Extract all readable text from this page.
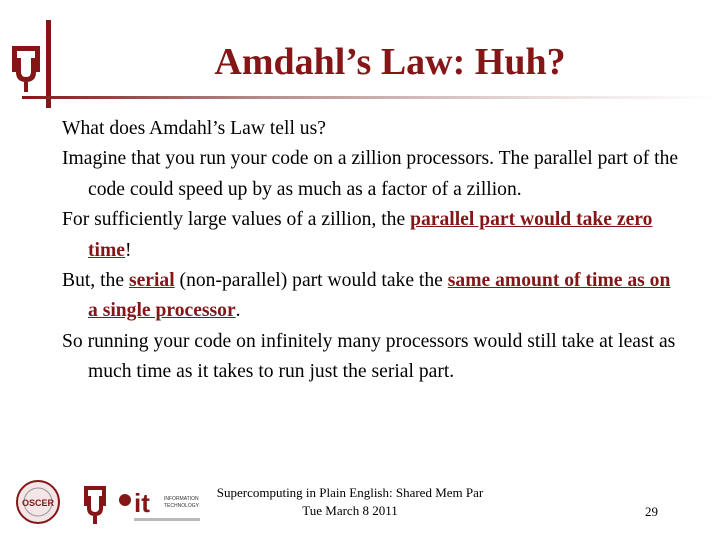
Amdahl’s Law: Huh?

What does Amdahl’s Law tell us?

Imagine that you run your code on a zillion processors. The parallel part of the code could speed up by as much as a factor of a zillion.

For sufficiently large values of a zillion, the parallel part would take zero time!

But, the serial (non-parallel) part would take the same amount of time as on a single processor.

So running your code on infinitely many processors would still take at least as much time as it takes to run just the serial part.

OSCER	it	INFORMATION
TECHNOLOGY
Supercomputing in Plain English: Shared Mem Par
Tue March 8 2011	29
